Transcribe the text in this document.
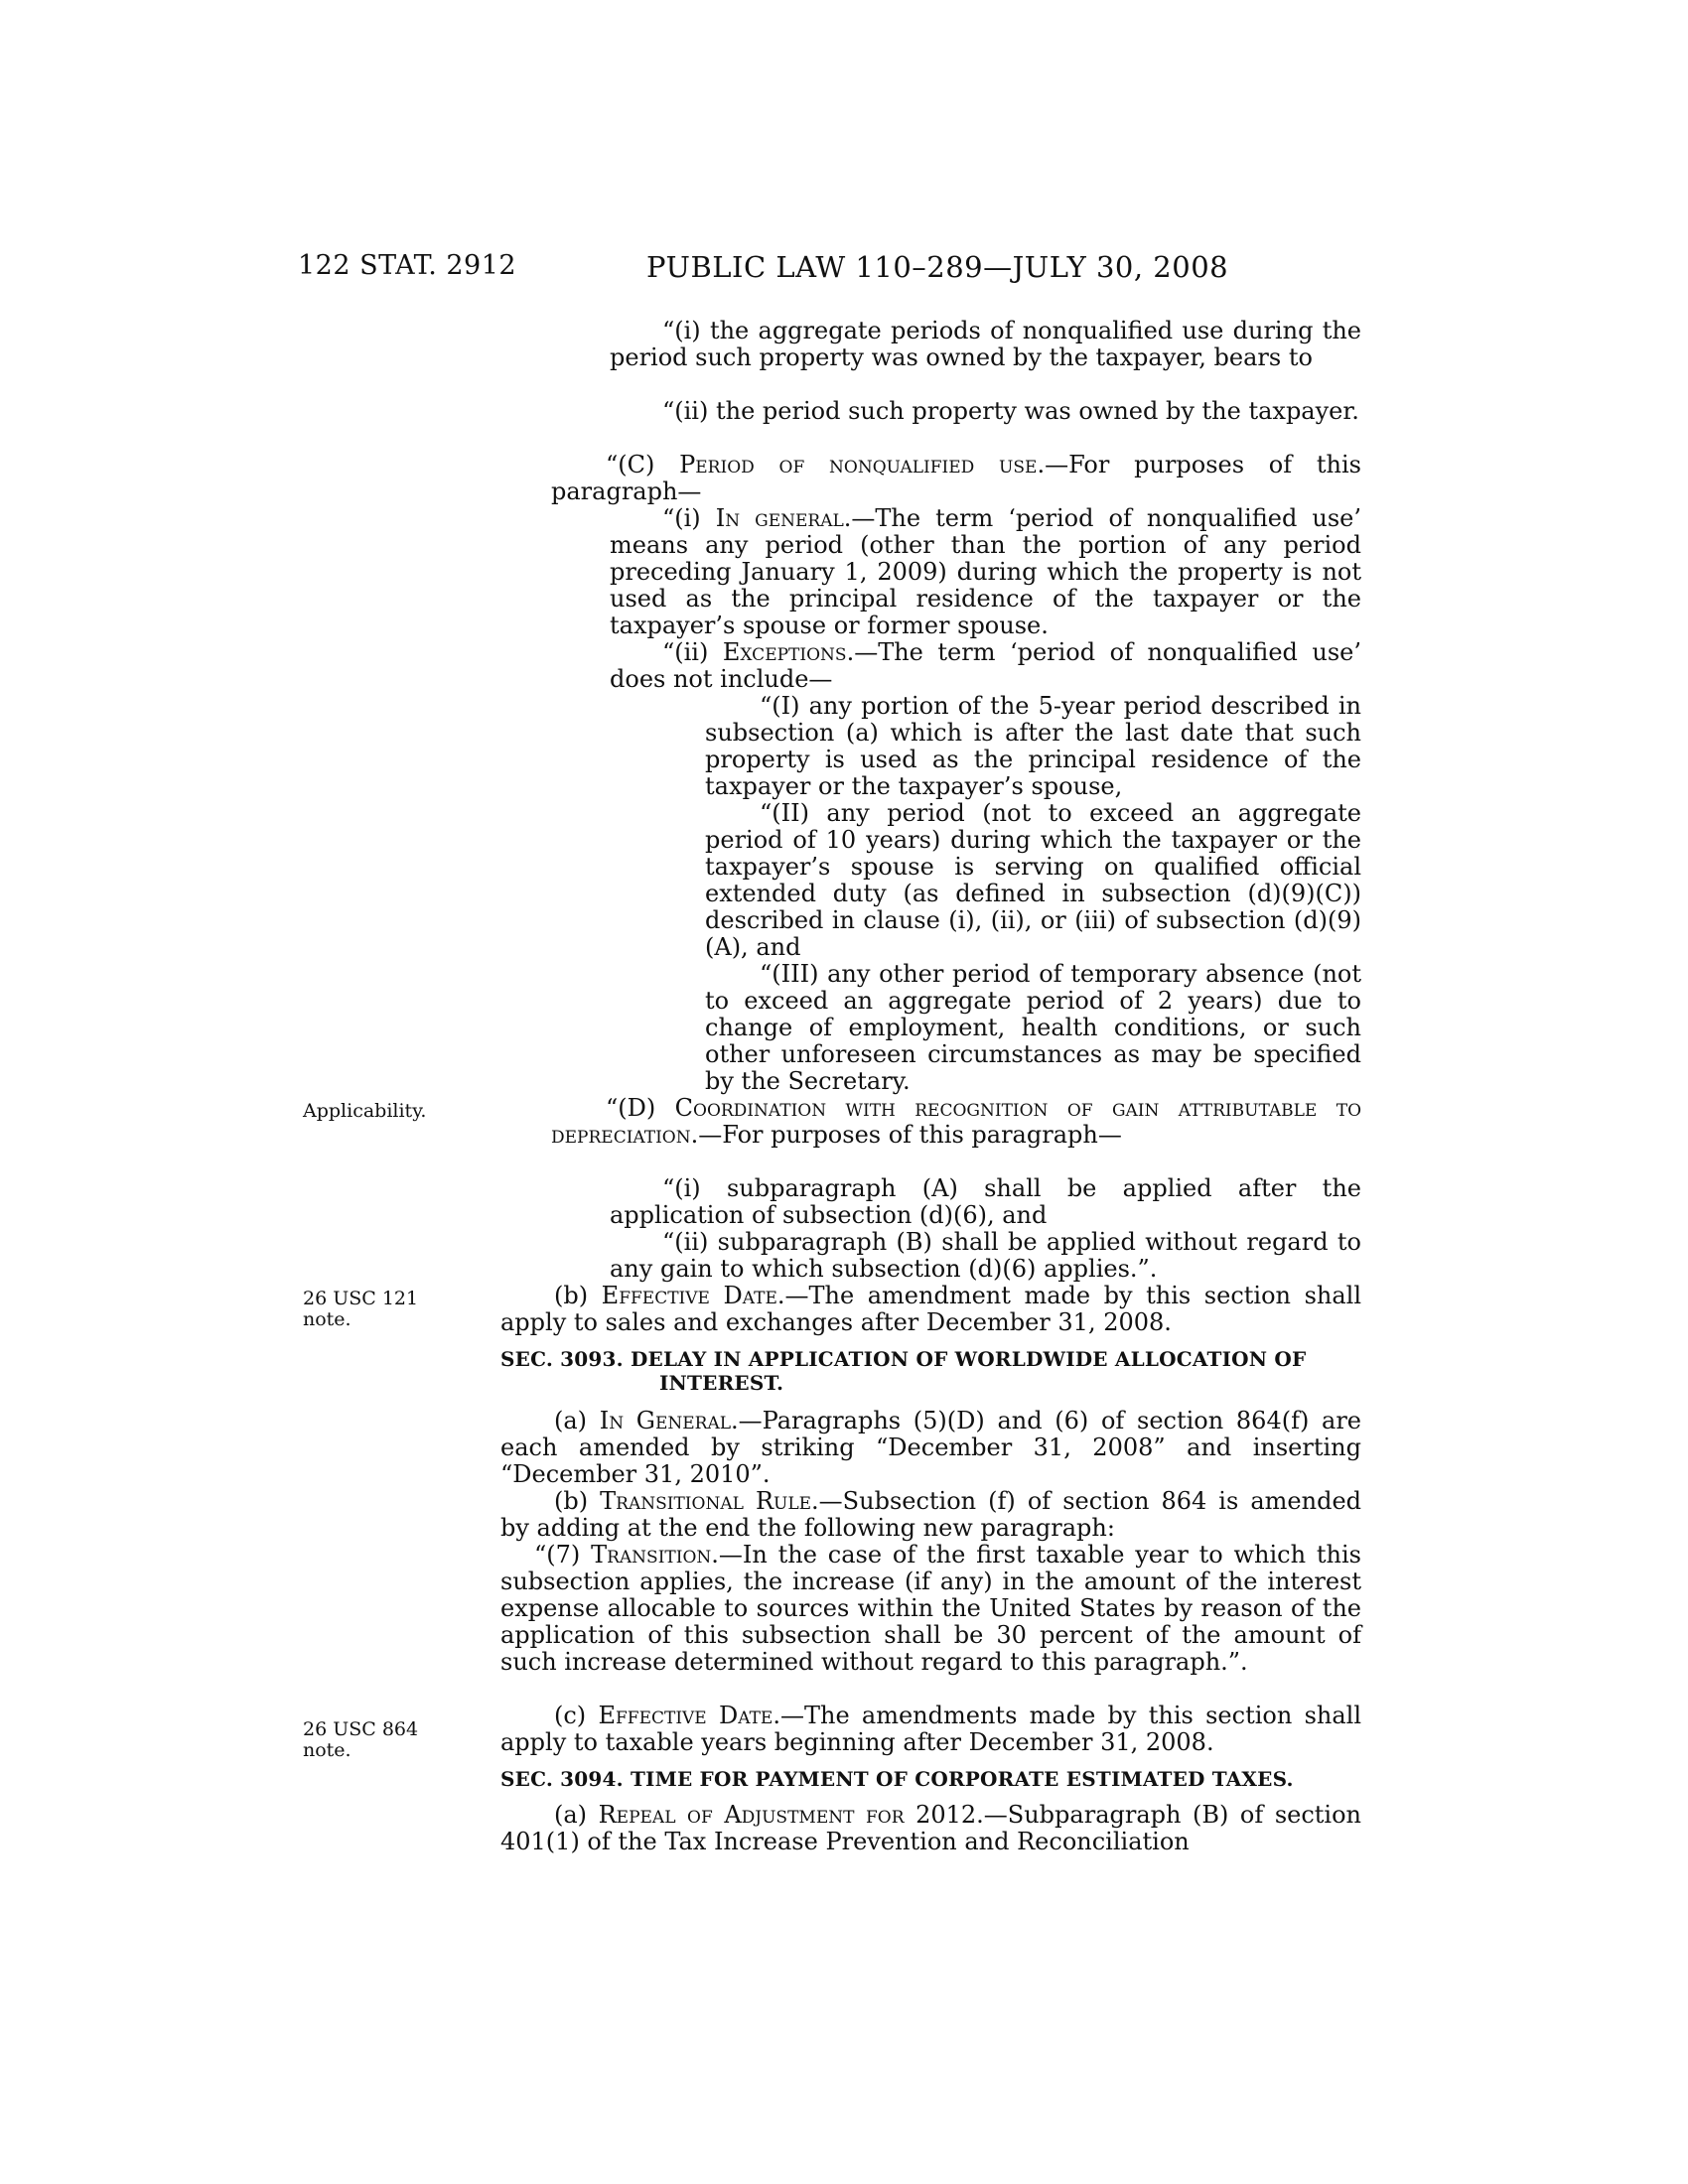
122 STAT. 2912	PUBLIC LAW 110–289—JULY 30, 2008
Applicability.
26 USC 121
note.
26 USC 864
note.
“(i) the aggregate periods of nonqualified use during the period such property was owned by the taxpayer, bears to
“(ii) the period such property was owned by the taxpayer.
“(C) Period of nonqualified use.—For purposes of this paragraph—
“(i) In general.—The term ‘period of nonqualified use’ means any period (other than the portion of any period preceding January 1, 2009) during which the property is not used as the principal residence of the taxpayer or the taxpayer’s spouse or former spouse.
“(ii) Exceptions.—The term ‘period of nonqualified use’ does not include—
“(I) any portion of the 5-year period described in subsection (a) which is after the last date that such property is used as the principal residence of the taxpayer or the taxpayer’s spouse,
“(II) any period (not to exceed an aggregate period of 10 years) during which the taxpayer or the taxpayer’s spouse is serving on qualified official extended duty (as defined in subsection (d)(9)(C)) described in clause (i), (ii), or (iii) of subsection (d)(9)(A), and
“(III) any other period of temporary absence (not to exceed an aggregate period of 2 years) due to change of employment, health conditions, or such other unforeseen circumstances as may be specified by the Secretary.
“(D) Coordination with recognition of gain attributable to depreciation.—For purposes of this paragraph—
“(i) subparagraph (A) shall be applied after the application of subsection (d)(6), and
“(ii) subparagraph (B) shall be applied without regard to any gain to which subsection (d)(6) applies.”.
(b) Effective Date.—The amendment made by this section shall apply to sales and exchanges after December 31, 2008.
SEC. 3093. DELAY IN APPLICATION OF WORLDWIDE ALLOCATION OF
INTEREST.
(a) In General.—Paragraphs (5)(D) and (6) of section 864(f) are each amended by striking “December 31, 2008” and inserting “December 31, 2010”.
(b) Transitional Rule.—Subsection (f) of section 864 is amended by adding at the end the following new paragraph:
“(7) Transition.—In the case of the first taxable year to which this subsection applies, the increase (if any) in the amount of the interest expense allocable to sources within the United States by reason of the application of this subsection shall be 30 percent of the amount of such increase determined without regard to this paragraph.”.
(c) Effective Date.—The amendments made by this section shall apply to taxable years beginning after December 31, 2008.
SEC. 3094. TIME FOR PAYMENT OF CORPORATE ESTIMATED TAXES.
(a) Repeal of Adjustment for 2012.—Subparagraph (B) of section 401(1) of the Tax Increase Prevention and Reconciliation
